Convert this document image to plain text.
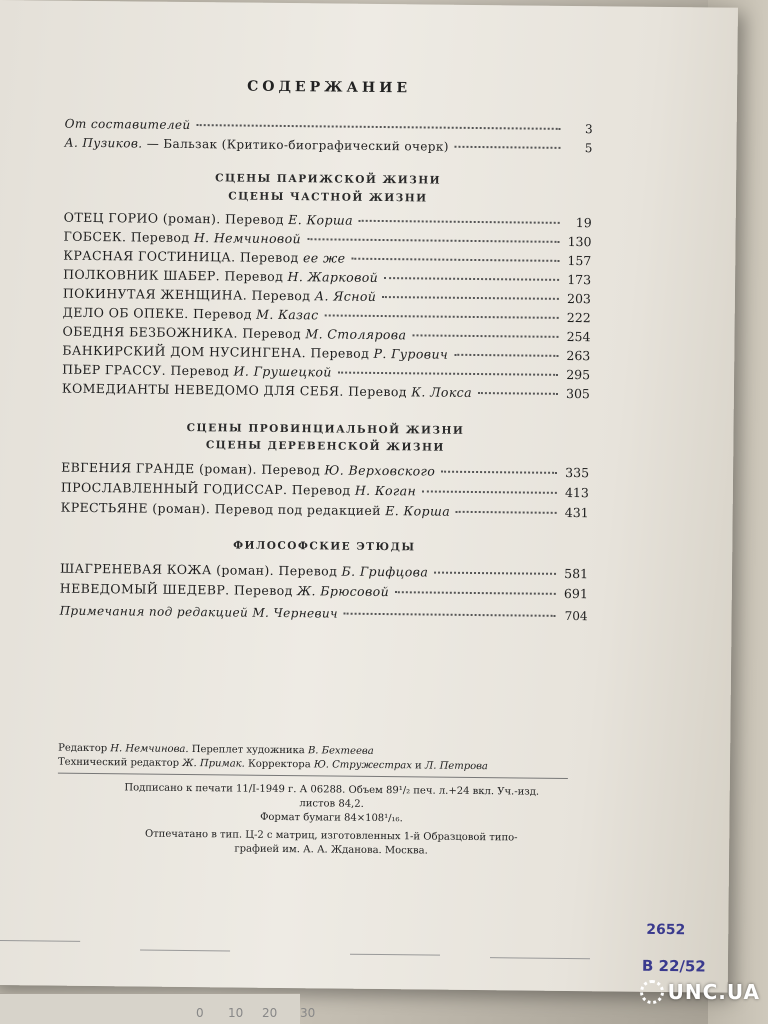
СОДЕРЖАНИЕ
От составителей	3
А. Пузиков. — Бальзак (Критико-биографический очерк)	5
СЦЕНЫ ПАРИЖСКОЙ ЖИЗНИ
СЦЕНЫ ЧАСТНОЙ ЖИЗНИ
ОТЕЦ ГОРИО (роман). Перевод Е. Корша	19
ГОБСЕК. Перевод Н. Немчиновой	130
КРАСНАЯ ГОСТИНИЦА. Перевод ее же	157
ПОЛКОВНИК ШАБЕР. Перевод Н. Жарковой	173
ПОКИНУТАЯ ЖЕНЩИНА. Перевод А. Ясной	203
ДЕЛО ОБ ОПЕКЕ. Перевод М. Казас	222
ОБЕДНЯ БЕЗБОЖНИКА. Перевод М. Столярова	254
БАНКИРСКИЙ ДОМ НУСИНГЕНА. Перевод Р. Гурович	263
ПЬЕР ГРАССУ. Перевод И. Грушецкой	295
КОМЕДИАНТЫ НЕВЕДОМО ДЛЯ СЕБЯ. Перевод К. Локса	305
СЦЕНЫ ПРОВИНЦИАЛЬНОЙ ЖИЗНИ
СЦЕНЫ ДЕРЕВЕНСКОЙ ЖИЗНИ
ЕВГЕНИЯ ГРАНДЕ (роман). Перевод Ю. Верховского	335
ПРОСЛАВЛЕННЫЙ ГОДИССАР. Перевод Н. Коган	413
КРЕСТЬЯНЕ (роман). Перевод под редакцией Е. Корша	431
ФИЛОСОФСКИЕ ЭТЮДЫ
ШАГРЕНЕВАЯ КОЖА (роман). Перевод Б. Грифцова	581
НЕВЕДОМЫЙ ШЕДЕВР. Перевод Ж. Брюсовой	691
Примечания под редакцией М. Черневич	704
Редактор Н. Немчинова. Переплет художника В. Бехтеева
Технический редактор Ж. Примак. Корректора Ю. Стружестрах и Л. Петрова
Подписано к печати 11/I-1949 г. А 06288. Объем 89¹/₂ печ. л.+24 вкл. Уч.-изд. листов 84,2.
Формат бумаги 84×108¹/₁₆.
Отпечатано в тип. Ц-2 с матриц, изготовленных 1-й Образцовой типо-
графией им. А. А. Жданова. Москва.
2652
В 22/52
0 10 20 30
UNC.UA
